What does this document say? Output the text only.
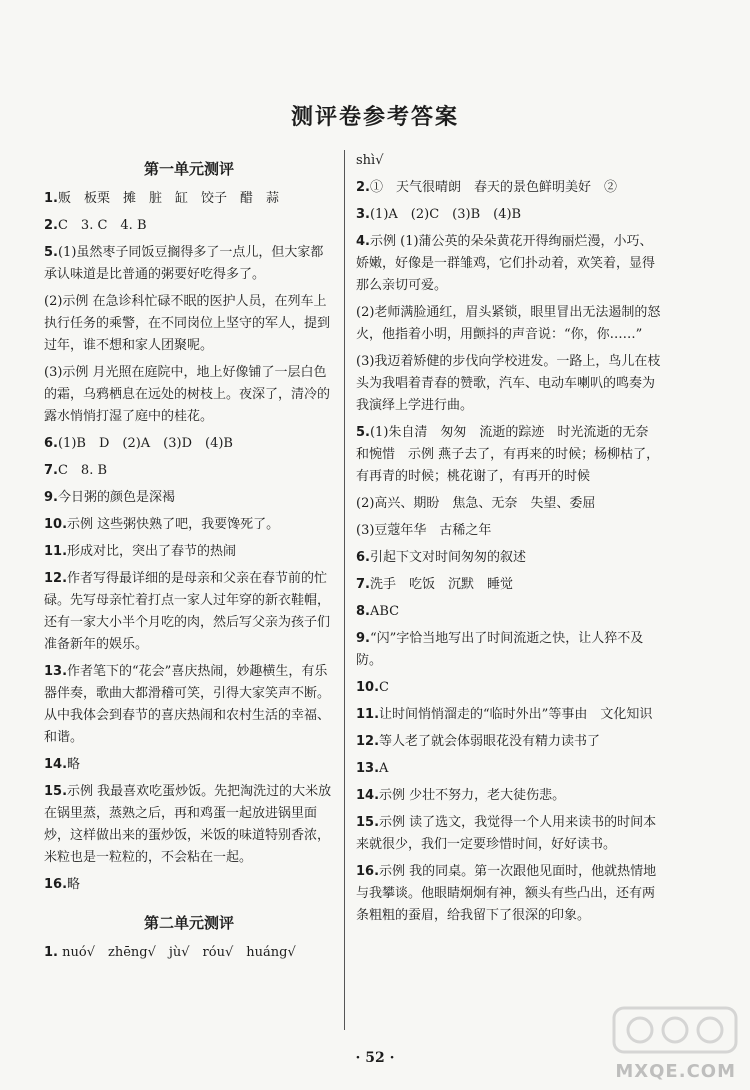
测评卷参考答案
第一单元测评
1.贩　板栗　摊　脏　缸　饺子　醋　蒜
2.C　3. C　4. B
5.(1)虽然枣子同饭豆搁得多了一点儿，但大家都承认味道是比普通的粥要好吃得多了。
(2)示例 在急诊科忙碌不眠的医护人员，在列车上执行任务的乘警，在不同岗位上坚守的军人，提到过年，谁不想和家人团聚呢。
(3)示例 月光照在庭院中，地上好像铺了一层白色的霜，乌鸦栖息在远处的树枝上。夜深了，清冷的露水悄悄打湿了庭中的桂花。
6.(1)B　D　(2)A　(3)D　(4)B
7.C　8. B
9.今日粥的颜色是深褐
10.示例 这些粥快熟了吧，我要馋死了。
11.形成对比，突出了春节的热闹
12.作者写得最详细的是母亲和父亲在春节前的忙碌。先写母亲忙着打点一家人过年穿的新衣鞋帽，还有一家大小半个月吃的肉，然后写父亲为孩子们准备新年的娱乐。
13.作者笔下的“花会”喜庆热闹，妙趣横生，有乐器伴奏，歌曲大都滑稽可笑，引得大家笑声不断。从中我体会到春节的喜庆热闹和农村生活的幸福、和谐。
14.略
15.示例 我最喜欢吃蛋炒饭。先把淘洗过的大米放在锅里蒸，蒸熟之后，再和鸡蛋一起放进锅里面炒，这样做出来的蛋炒饭，米饭的味道特别香浓，米粒也是一粒粒的，不会粘在一起。
16.略
第二单元测评
1. nuó√　zhēng√　jù√　róu√　huáng√
shì√
2.①　天气很晴朗　春天的景色鲜明美好　②
3.(1)A　(2)C　(3)B　(4)B
4.示例 (1)蒲公英的朵朵黄花开得绚丽烂漫，小巧、娇嫩，好像是一群雏鸡，它们扑动着，欢笑着，显得那么亲切可爱。
(2)老师满脸通红，眉头紧锁，眼里冒出无法遏制的怒火，他指着小明，用颤抖的声音说：“你，你……”
(3)我迈着矫健的步伐向学校进发。一路上，鸟儿在枝头为我唱着青春的赞歌，汽车、电动车喇叭的鸣奏为我演绎上学进行曲。
5.(1)朱自清　匆匆　流逝的踪迹　时光流逝的无奈和惋惜　示例 燕子去了，有再来的时候；杨柳枯了，有再青的时候；桃花谢了，有再开的时候
(2)高兴、期盼　焦急、无奈　失望、委屈
(3)豆蔻年华　古稀之年
6.引起下文对时间匆匆的叙述
7.洗手　吃饭　沉默　睡觉
8.ABC
9.“闪”字恰当地写出了时间流逝之快，让人猝不及防。
10.C
11.让时间悄悄溜走的“临时外出”等事由　文化知识
12.等人老了就会体弱眼花没有精力读书了
13.A
14.示例 少壮不努力，老大徒伤悲。
15.示例 读了选文，我觉得一个人用来读书的时间本来就很少，我们一定要珍惜时间，好好读书。
16.示例 我的同桌。第一次跟他见面时，他就热情地与我攀谈。他眼睛炯炯有神，额头有些凸出，还有两条粗粗的蚕眉，给我留下了很深的印象。
· 52 ·
MXQE.COM
